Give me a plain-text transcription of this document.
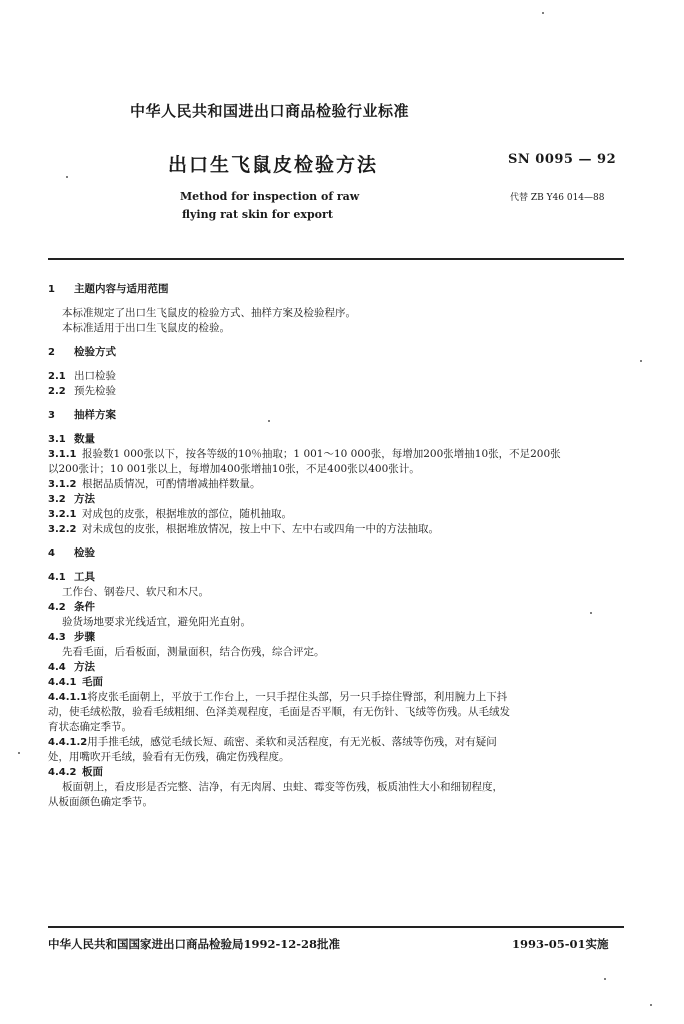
中华人民共和国进出口商品检验行业标准
出口生飞鼠皮检验方法	SN 0095 — 92
Method for inspection of raw
flying rat skin for export
代替 ZB Y46 014—88
1 主题内容与适用范围
本标准规定了出口生飞鼠皮的检验方式、抽样方案及检验程序。
本标准适用于出口生飞鼠皮的检验。
2 检验方式
2.1 出口检验
2.2 预先检验
3 抽样方案
3.1 数量
3.1.1 报验数1 000张以下，按各等级的10％抽取；1 001～10 000张，每增加200张增抽10张，不足200张
以200张计；10 001张以上，每增加400张增抽10张，不足400张以400张计。
3.1.2 根据品质情况，可酌情增减抽样数量。
3.2 方法
3.2.1 对成包的皮张，根据堆放的部位，随机抽取。
3.2.2 对未成包的皮张，根据堆放情况，按上中下、左中右或四角一中的方法抽取。
4 检验
4.1 工具
工作台、钢卷尺、软尺和木尺。
4.2 条件
验货场地要求光线适宜，避免阳光直射。
4.3 步骤
先看毛面，后看板面，测量面积，结合伤残，综合评定。
4.4 方法
4.4.1 毛面
4.4.1.1将皮张毛面朝上，平放于工作台上，一只手捏住头部，另一只手捺住臀部，利用腕力上下抖
动，使毛绒松散，验看毛绒粗细、色泽美观程度，毛面是否平顺，有无伤针、飞绒等伤残。从毛绒发
育状态确定季节。
4.4.1.2用手推毛绒，感觉毛绒长短、疏密、柔软和灵活程度，有无光板、落绒等伤残，对有疑问
处，用嘴吹开毛绒，验看有无伤残，确定伤残程度。
4.4.2 板面
板面朝上，看皮形是否完整、洁净，有无肉屑、虫蛀、霉变等伤残，板质油性大小和细韧程度，
从板面颜色确定季节。
中华人民共和国国家进出口商品检验局1992-12-28批准	1993-05-01实施
